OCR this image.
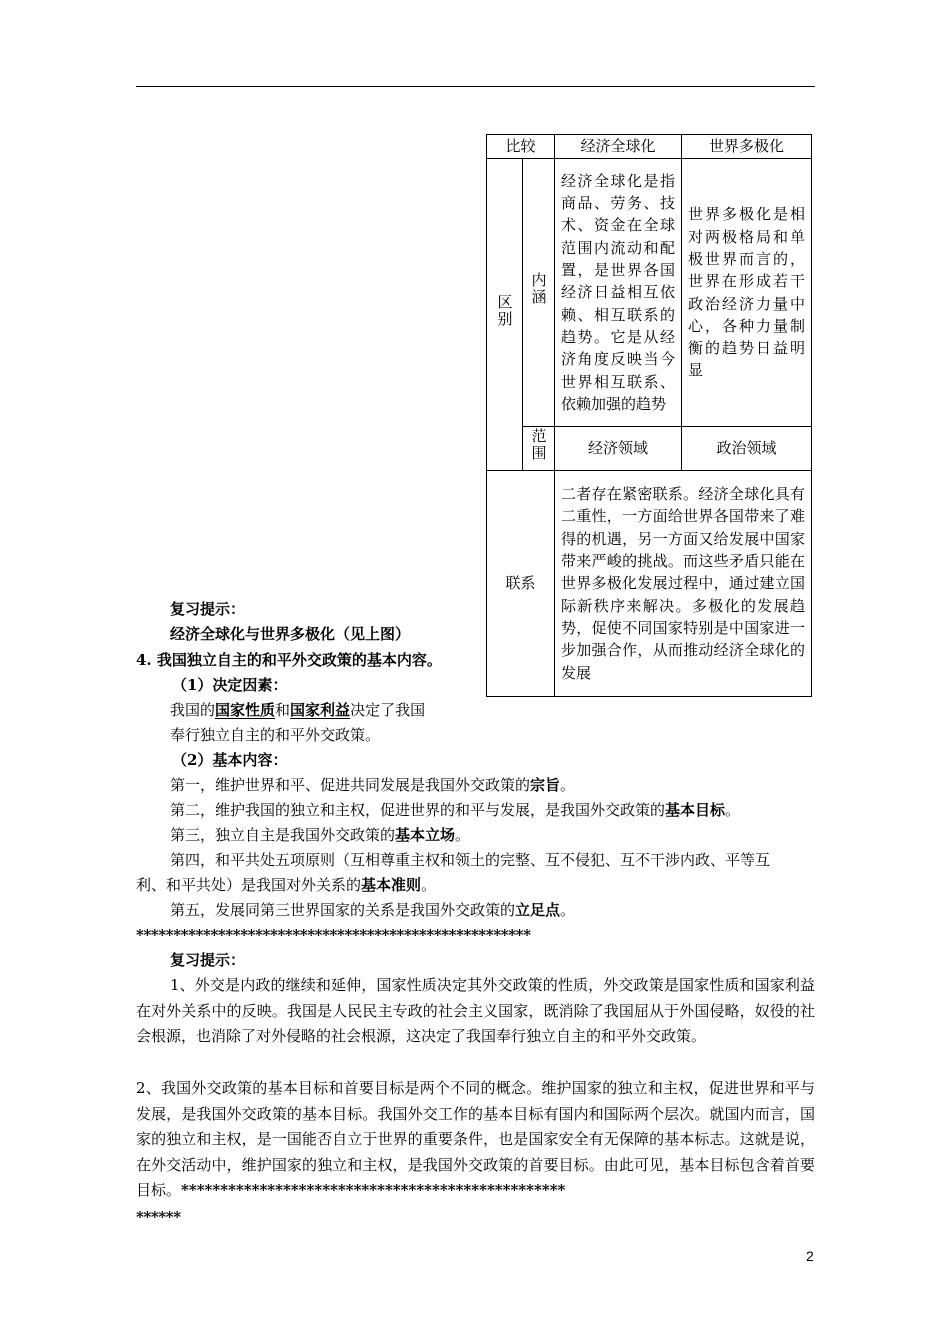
比较		经济全球化	世界多极化
区别	内涵	经济全球化是指商品、劳务、技术、资金在全球范围内流动和配置，是世界各国经济日益相互依赖、相互联系的趋势。它是从经济角度反映当今世界相互联系、依赖加强的趋势	世界多极化是相对两极格局和单极世界而言的，世界在形成若干政治经济力量中心，各种力量制衡的趋势日益明显
	范围	经济领域	政治领域
联系		二者存在紧密联系。经济全球化具有二重性，一方面给世界各国带来了难得的机遇，另一方面又给发展中国家带来严峻的挑战。而这些矛盾只能在世界多极化发展过程中，通过建立国际新秩序来解决。多极化的发展趋势，促使不同国家特别是中国家进一步加强合作，从而推动经济全球化的发展	
复习提示：
经济全球化与世界多极化（见上图）
4. 我国独立自主的和平外交政策的基本内容。
（1）决定因素：
我国的国家性质和国家利益决定了我国
奉行独立自主的和平外交政策。
（2）基本内容：
第一，维护世界和平、促进共同发展是我国外交政策的宗旨。
第二，维护我国的独立和主权，促进世界的和平与发展，是我国外交政策的基本目标。
第三，独立自主是我国外交政策的基本立场。
第四，和平共处五项原则（互相尊重主权和领土的完整、互不侵犯、互不干涉内政、平等互
利、和平共处）是我国对外关系的基本准则。
第五，发展同第三世界国家的关系是我国外交政策的立足点。
*****************************************************
复习提示：
1、外交是内政的继续和延伸，国家性质决定其外交政策的性质，外交政策是国家性质和国家利益在对外关系中的反映。我国是人民民主专政的社会主义国家，既消除了我国屈从于外国侵略，奴役的社会根源，也消除了对外侵略的社会根源，这决定了我国奉行独立自主的和平外交政策。
2、我国外交政策的基本目标和首要目标是两个不同的概念。维护国家的独立和主权，促进世界和平与发展，是我国外交政策的基本目标。我国外交工作的基本目标有国内和国际两个层次。就国内而言，国家的独立和主权，是一国能否自立于世界的重要条件，也是国家安全有无保障的基本标志。这就是说，在外交活动中，维护国家的独立和主权，是我国外交政策的首要目标。由此可见，基本目标包含着首要目标。*************************************************
******
2
